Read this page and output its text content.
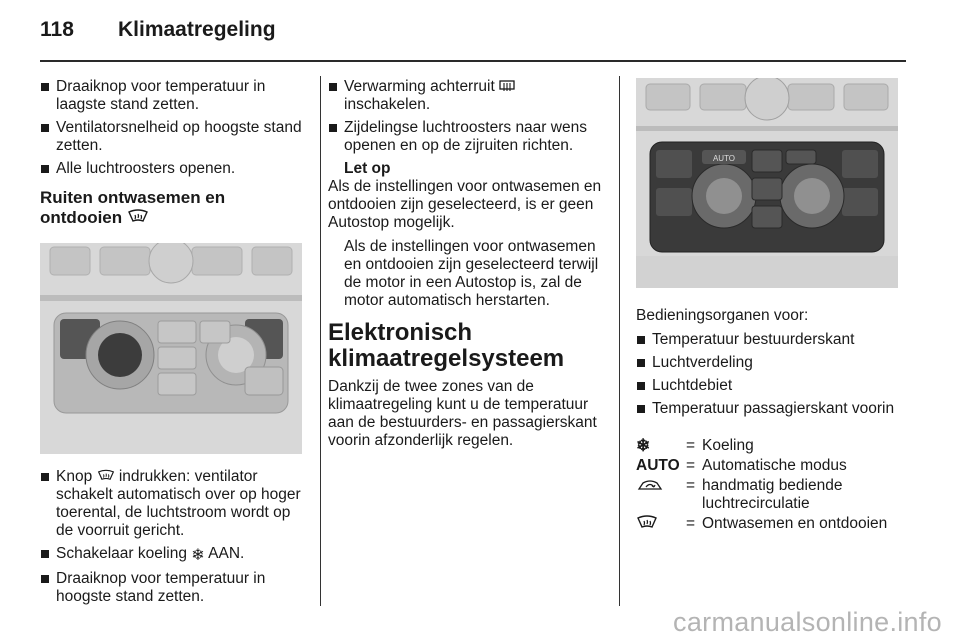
118 Klimaatregeling
Draaiknop voor temperatuur in laagste stand zetten.
Ventilatorsnelheid op hoogste stand zetten.
Alle luchtroosters openen.
Ruiten ontwasemen en ontdooien
Knop indrukken: ventilator schakelt automatisch over op hoger toerental, de luchtstroom wordt op de voorruit gericht.
Schakelaar koeling ❄ AAN.
Draaiknop voor temperatuur in hoogste stand zetten.
Verwarming achterruit  inschakelen.
Zijdelingse luchtroosters naar wens openen en op de zijruiten richten.
Let op
Als de instellingen voor ontwasemen en ontdooien zijn geselecteerd, is er geen Autostop mogelijk.
Als de instellingen voor ontwasemen en ontdooien zijn geselecteerd terwijl de motor in een Autostop is, zal de motor automatisch herstarten.
Elektronisch klimaatregelsysteem
Dankzij de twee zones van de klimaatregeling kunt u de temperatuur aan de bestuurders- en passagierskant voorin afzonderlijk regelen.
AUTO
Bedieningsorganen voor:
Temperatuur bestuurderskant
Luchtverdeling
Luchtdebiet
Temperatuur passagierskant voorin
❄	= Koeling
AUTO = Automatische modus
= handmatig bediende luchtrecirculatie
= Ontwasemen en ontdooien
carmanualsonline.info
